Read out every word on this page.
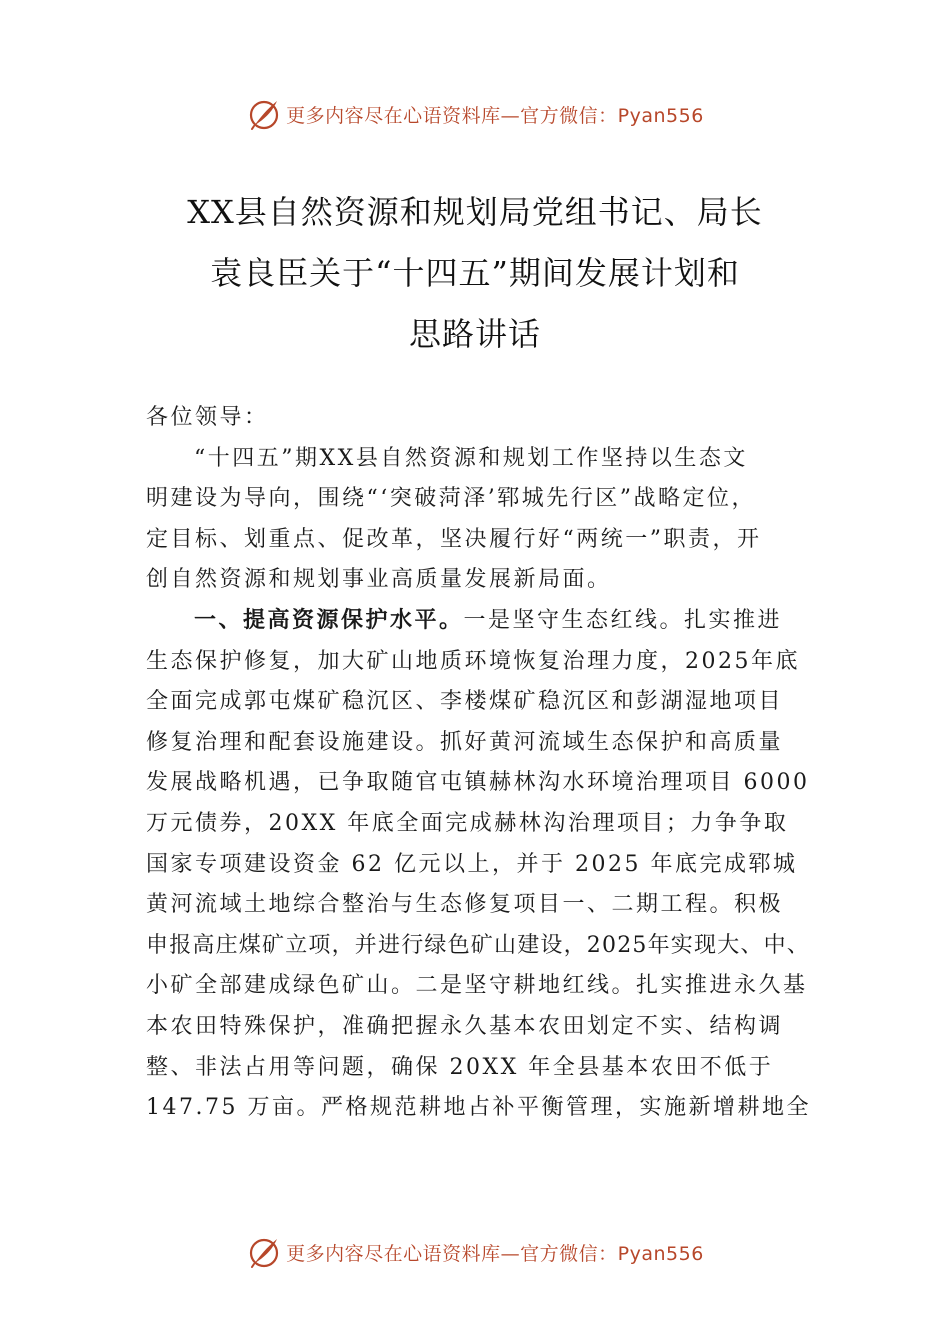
更多内容尽在心语资料库—官方微信：Pyan556
XX县自然资源和规划局党组书记、局长
袁良臣关于“十四五”期间发展计划和
思路讲话
各位领导：
“十四五”期XX县自然资源和规划工作坚持以生态文
明建设为导向，围绕“‘突破菏泽’郓城先行区”战略定位，
定目标、划重点、促改革，坚决履行好“两统一”职责，开
创自然资源和规划事业高质量发展新局面。
一、提高资源保护水平。一是坚守生态红线。扎实推进
生态保护修复，加大矿山地质环境恢复治理力度，2025年底
全面完成郭屯煤矿稳沉区、李楼煤矿稳沉区和彭湖湿地项目
修复治理和配套设施建设。抓好黄河流域生态保护和高质量
发展战略机遇，已争取随官屯镇赫林沟水环境治理项目 6000
万元债券，20XX 年底全面完成赫林沟治理项目；力争争取
国家专项建设资金 62 亿元以上，并于 2025 年底完成郓城
黄河流域土地综合整治与生态修复项目一、二期工程。积极
申报高庄煤矿立项，并进行绿色矿山建设，2025年实现大、中、
小矿全部建成绿色矿山。二是坚守耕地红线。扎实推进永久基
本农田特殊保护，准确把握永久基本农田划定不实、结构调
整、非法占用等问题，确保 20XX 年全县基本农田不低于
147.75 万亩。严格规范耕地占补平衡管理，实施新增耕地全
更多内容尽在心语资料库—官方微信：Pyan556
